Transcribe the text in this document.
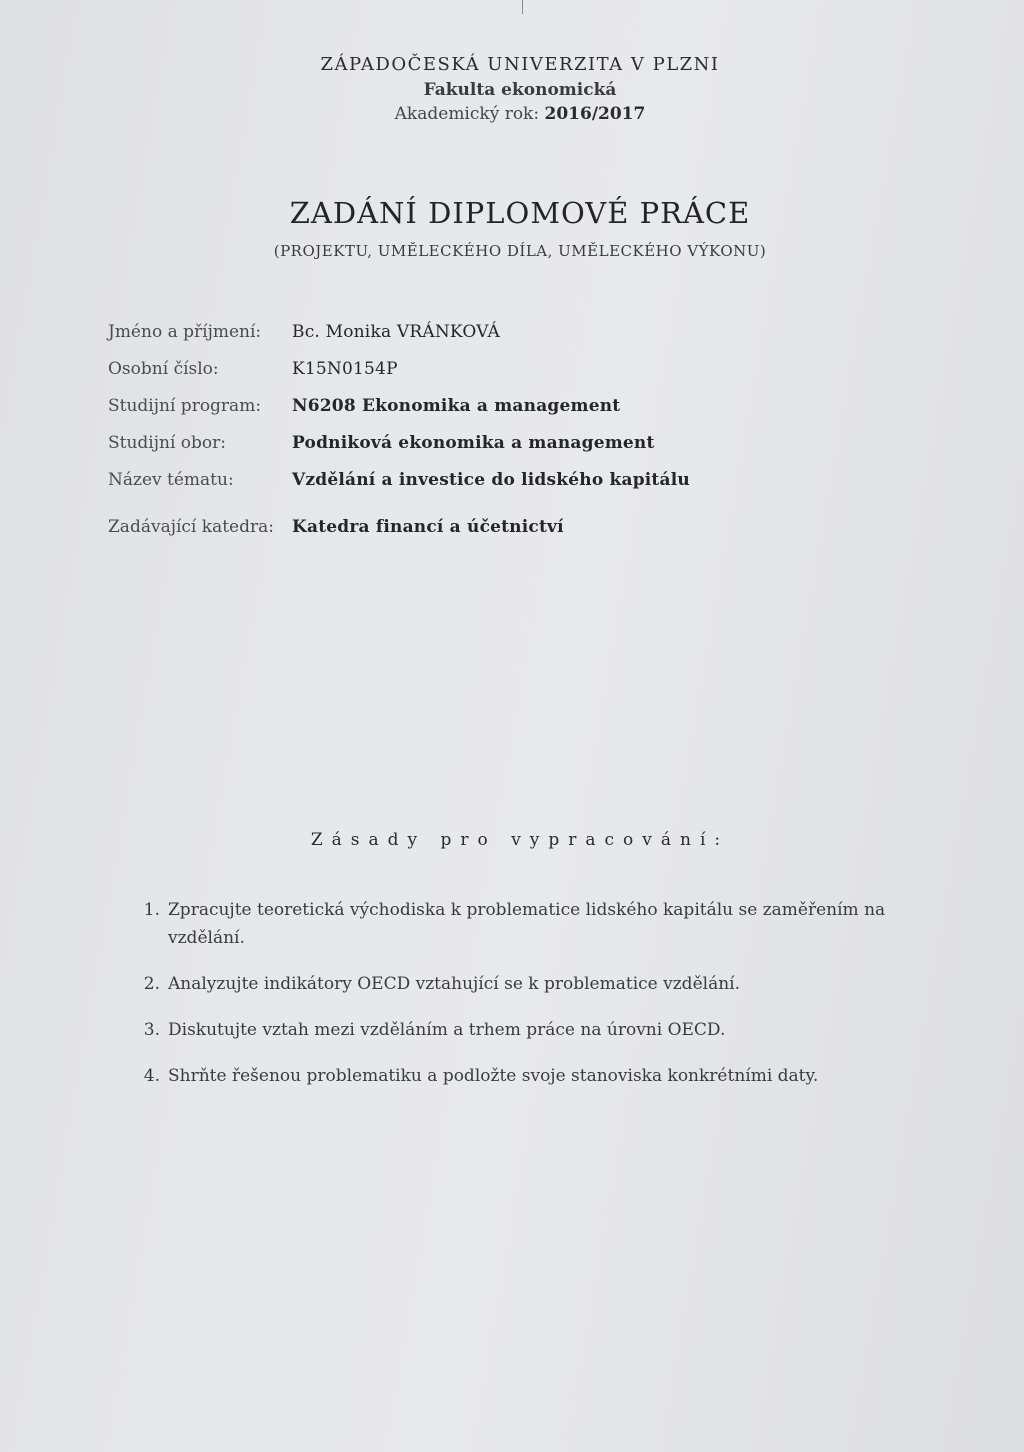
ZÁPADOČESKÁ UNIVERZITA V PLZNI
Fakulta ekonomická
Akademický rok: 2016/2017
ZADÁNÍ DIPLOMOVÉ PRÁCE
(PROJEKTU, UMĚLECKÉHO DÍLA, UMĚLECKÉHO VÝKONU)
Jméno a příjmení:	Bc. Monika VRÁNKOVÁ
Osobní číslo:	K15N0154P
Studijní program:	N6208 Ekonomika a management
Studijní obor:	Podniková ekonomika a management
Název tématu:	Vzdělání a investice do lidského kapitálu
Zadávající katedra:	Katedra financí a účetnictví
Zásady pro vypracování:
1. Zpracujte teoretická východiska k problematice lidského kapitálu se zaměřením na vzdělání.
2. Analyzujte indikátory OECD vztahující se k problematice vzdělání.
3. Diskutujte vztah mezi vzděláním a trhem práce na úrovni OECD.
4. Shrňte řešenou problematiku a podložte svoje stanoviska konkrétními daty.
